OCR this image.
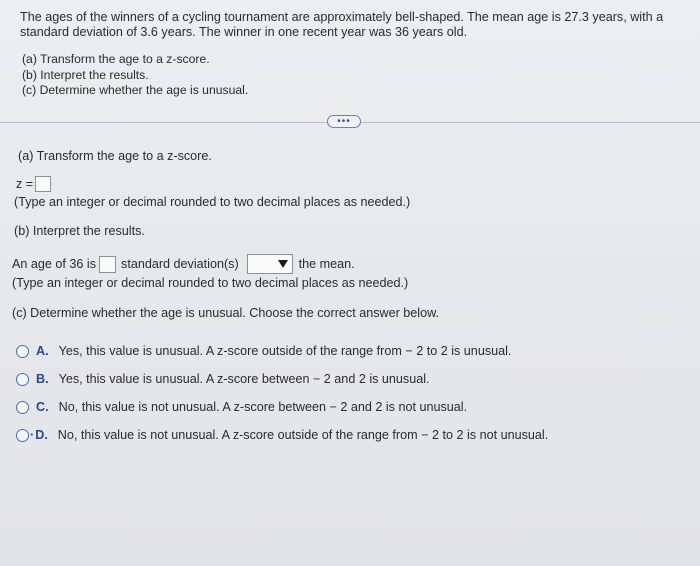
The ages of the winners of a cycling tournament are approximately bell-shaped. The mean age is 27.3 years, with a
standard deviation of 3.6 years. The winner in one recent year was 36 years old.
(a) Transform the age to a z-score.
(b) Interpret the results.
(c) Determine whether the age is unusual.
•••
(a) Transform the age to a z-score.
z =
(Type an integer or decimal rounded to two decimal places as needed.)
(b) Interpret the results.
An age of 36 is standard deviation(s)	the mean.
(Type an integer or decimal rounded to two decimal places as needed.)
(c) Determine whether the age is unusual. Choose the correct answer below.
A. Yes, this value is unusual. A z-score outside of the range from − 2 to 2 is unusual.
B. Yes, this value is unusual. A z-score between − 2 and 2 is unusual.
C. No, this value is not unusual. A z-score between − 2 and 2 is not unusual.
· D. No, this value is not unusual. A z-score outside of the range from − 2 to 2 is not unusual.
